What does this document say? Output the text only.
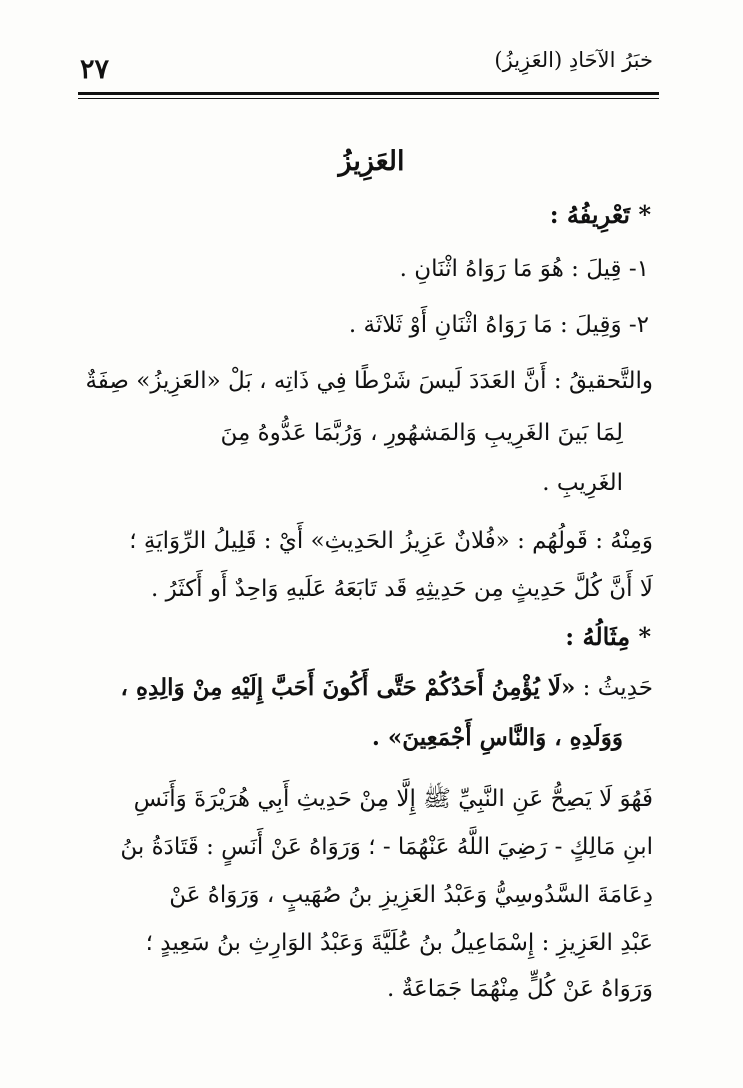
خبَرُ الآحَادِ (العَزِيزُ)
٢٧
العَزِيزُ
* تَعْرِيفُهُ :
١- قِيلَ : هُوَ مَا رَوَاهُ اثْنَانِ .
٢- وَقِيلَ : مَا رَوَاهُ اثْنَانِ أَوْ ثَلاثَة .
والتَّحقيقُ : أَنَّ العَدَدَ لَيسَ شَرْطًا فِي ذَاتِه ، بَلْ «العَزِيزُ» صِفَةٌ
لِمَا بَينَ الغَرِيبِ وَالمَشهُورِ ، وَرُبَّمَا عَدُّوهُ مِنَ
الغَرِيبِ .
وَمِنْهُ : قَولُهُم : «فُلانٌ عَزِيزُ الحَدِيثِ» أَيْ : قَلِيلُ الرِّوَايَةِ ؛
لَا أَنَّ كُلَّ حَدِيثٍ مِن حَدِيثِهِ قَد تَابَعَهُ عَلَيهِ وَاحِدٌ أَو أَكثَرُ .
* مِثَالُهُ :
حَدِيثُ : «لَا يُؤْمِنُ أَحَدُكُمْ حَتَّى أَكُونَ أَحَبَّ إِلَيْهِ مِنْ وَالِدِهِ ،
وَوَلَدِهِ ، وَالنَّاسِ أَجْمَعِينَ» .
فَهُوَ لَا يَصِحُّ عَنِ النَّبِيِّ ﷺ إِلَّا مِنْ حَدِيثِ أَبِي هُرَيْرَةَ وَأَنَسِ
ابنِ مَالِكٍ - رَضِيَ اللَّهُ عَنْهُمَا - ؛ وَرَوَاهُ عَنْ أَنَسٍ : قَتَادَةُ بنُ
دِعَامَةَ السَّدُوسِيُّ وَعَبْدُ العَزِيزِ بنُ صُهَيبٍ ، وَرَوَاهُ عَنْ
عَبْدِ العَزِيزِ : إِسْمَاعِيلُ بنُ عُلَيَّةَ وَعَبْدُ الوَارِثِ بنُ سَعِيدٍ ؛
وَرَوَاهُ عَنْ كُلٍّ مِنْهُمَا جَمَاعَةٌ .
